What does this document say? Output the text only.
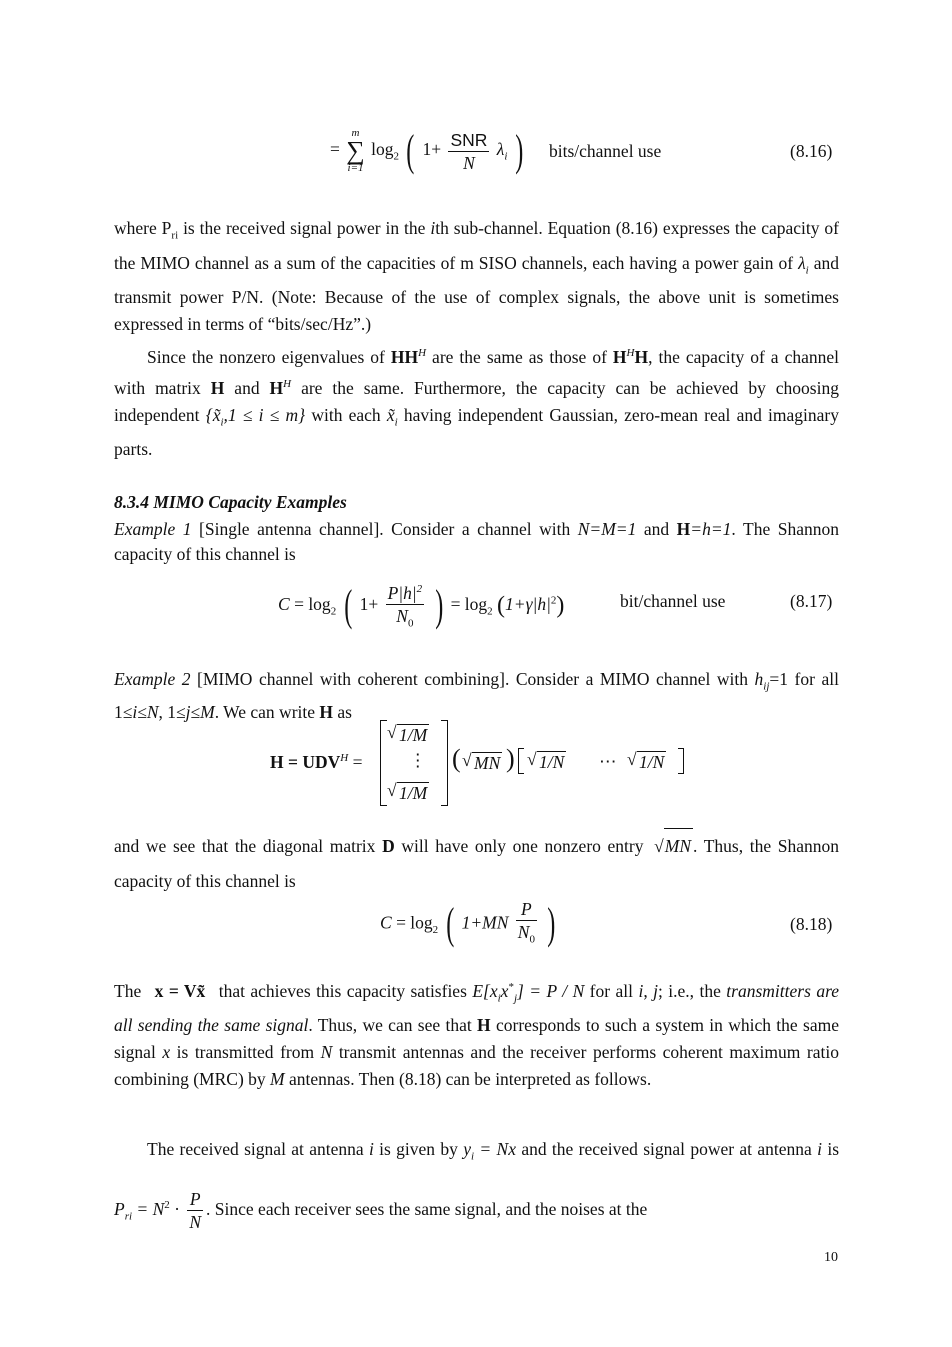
=
m
∑
i=1
$\log_2$ ( $1+ \frac{\text{SNR}}{N} \lambda_i$ ) bits/channel use	(8.16)
where $P_{ri}$ is the received signal power in the ith sub-channel. Equation (8.16) expresses the capacity of the MIMO channel as a sum of the capacities of m SISO channels, each having a power gain of $\lambda_i$ and transmit power P/N. (Note: Because of the use of complex signals, the above unit is sometimes expressed in terms of “bits/sec/Hz”.)
Since the nonzero eigenvalues of $HH^H$ are the same as those of $H^HH$, the capacity of a channel with matrix H and $H^H$ are the same. Furthermore, the capacity can be achieved by choosing independent $\{x̃_i,1 \le i \le m\}$ with each $x̃_i$ having independent Gaussian, zero-mean real and imaginary parts.
8.3.4 MIMO Capacity Examples
Example 1 [Single antenna channel]. Consider a channel with N=M=1 and H=h=1. The Shannon capacity of this channel is
$C = \log_2$ ( $1+ \frac{P|h|^2}{N_0}$ ) = $\log_2 (1+\gamma|h|^2)$	bit/channel use	(8.17)
Example 2 [MIMO channel with coherent combining]. Consider a MIMO channel with $h_{ij}=1$ for all 1≤i≤N, 1≤j≤M. We can write H as
$H = UDV^H$ =
√ 1/M
⋮
√ 1/M
( √ MN ) √ 1/N ⋯ √ 1/N
and we see that the diagonal matrix D will have only one nonzero entry √ MN . Thus, the Shannon capacity of this channel is
$C = \log_2$ ( $1+MN \frac{P}{N_0}$ )	(8.18)
The x = Vx̃ that achieves this capacity satisfies $E[x_ix^*_j] = P / N$ for all i, j; i.e., the transmitters are all sending the same signal. Thus, we can see that H corresponds to such a system in which the same signal x is transmitted from N transmit antennas and the receiver performs coherent maximum ratio combining (MRC) by M antennas. Then (8.18) can be interpreted as follows.
The received signal at antenna i is given by $y_i = Nx$ and the received signal power at antenna i is $P_{ri} = N^2 \cdot \frac{P}{N}$ . Since each receiver sees the same signal, and the noises at the
10
